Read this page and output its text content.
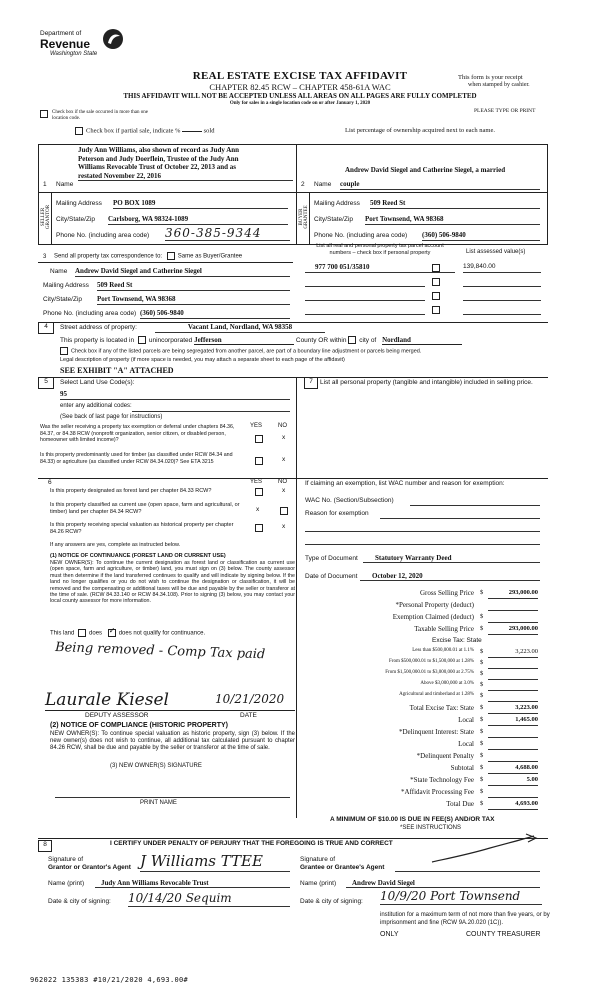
Department of
Revenue
Washington State
REAL ESTATE EXCISE TAX AFFIDAVIT
CHAPTER 82.45 RCW – CHAPTER 458-61A WAC
THIS AFFIDAVIT WILL NOT BE ACCEPTED UNLESS ALL AREAS ON ALL PAGES ARE FULLY COMPLETED
Only for sales in a single location code on or after January 1, 2020
This form is your receipt
when stamped by cashier.
PLEASE TYPE OR PRINT
Check box if the sale occurred in more than one location code.
Check box if partial sale, indicate %	sold	List percentage of ownership acquired next to each name.
SELLER GRANTOR
1 Name
Judy Ann Williams, also shown of record as Judy Ann
Peterson and Judy Doerflein, Trustee of the Judy Ann
Williams Revocable Trust of October 22, 2013 and as
restated November 22, 2016
Mailing Address PO BOX 1089
City/State/Zip Carlsborg, WA 98324-1089
Phone No. (including area code) 360-385-9344
BUYER GRANTEE
2 Name
Andrew David Siegel and Catherine Siegel, a married
couple
Mailing Address 509 Reed St
City/State/Zip Port Townsend, WA 98368
Phone No. (including area code) (360) 506-9840
3 Send all property tax correspondence to:	Same as Buyer/Grantee
Name Andrew David Siegel and Catherine Siegel
Mailing Address 509 Reed St
City/State/Zip Port Townsend, WA 98368
Phone No. (including area code) (360) 506-9840
List all real and personal property tax parcel account
numbers – check box if personal property	List assessed value(s)
977 700 051/35810	139,840.00
4	Street address of property:	Vacant Land, Nordland, WA 98358
This property is located in unincorporated Jefferson	County OR within city of Nordland
Check box if any of the listed parcels are being segregated from another parcel, are part of a boundary line adjustment or parcels being merged.
Legal description of property (if more space is needed, you may attach a separate sheet to each page of the affidavit)
SEE EXHIBIT "A" ATTACHED
5	Select Land Use Code(s):
95
enter any additional codes:
(See back of last page for instructions)
YES	NO
Was the seller receiving a property tax exemption or deferral under chapters 84.36, 84.37, or 84.38 RCW (nonprofit organization, senior citizen, or disabled person, homeowner with limited income)?	x
Is this property predominantly used for timber (as classified under RCW 84.34 and 84.33) or agriculture (as classified under RCW 84.34.020)? See ETA 3215	x
7	List all personal property (tangible and intangible) included in selling price.
6	YES	NO
Is this property designated as forest land per chapter 84.33 RCW?	x
Is this property classified as current use (open space, farm and agricultural, or timber) land per chapter 84.34 RCW?	x
Is this property receiving special valuation as historical property per chapter 84.26 RCW?
x
If any answers are yes, complete as instructed below.
(1) NOTICE OF CONTINUANCE (FOREST LAND OR CURRENT USE)
NEW OWNER(S): To continue the current designation as forest land or classification as current use (open space, farm and agriculture, or timber) land, you must sign on (3) below. The county assessor must then determine if the land transferred continues to qualify and will indicate by signing below. If the land no longer qualifies or you do not wish to continue the designation or classification, it will be removed and the compensating or additional taxes will be due and payable by the seller or transferor at the time of sale. (RCW 84.33.140 or RCW 84.34.108). Prior to signing (3) below, you may contact your local county assessor for more information.
This land does ✓ does not qualify for continuance.
Being removed - Comp Tax paid
Laurale Kiesel	10/21/2020
DEPUTY ASSESSOR	DATE
(2) NOTICE OF COMPLIANCE (HISTORIC PROPERTY)
NEW OWNER(S): To continue special valuation as historic property, sign (3) below. If the new owner(s) does not wish to continue, all additional tax calculated pursuant to chapter 84.26 RCW, shall be due and payable by the seller or transferor at the time of sale.
(3) NEW OWNER(S) SIGNATURE
PRINT NAME
If claiming an exemption, list WAC number and reason for exemption:
WAC No. (Section/Subsection)
Reason for exemption
Type of Document	Statutory Warranty Deed
Date of Document	October 12, 2020
Gross Selling Price $	293,000.00
*Personal Property (deduct)
Exemption Claimed (deduct) $
Taxable Selling Price $	293,000.00
Excise Tax: State
Less than $500,000.01 at 1.1% $	3,223.00
From $500,000.01 to $1,500,000 at 1.28% $
From $1,500,000.01 to $3,000,000 at 2.75% $
Above $3,000,000 at 3.0% $
Agricultural and timberland at 1.28% $
Total Excise Tax: State $	3,223.00
Local $	1,465.00
*Delinquent Interest: State $
Local $
*Delinquent Penalty $
Subtotal $	4,688.00
*State Technology Fee $	5.00
*Affidavit Processing Fee $
Total Due $	4,693.00
A MINIMUM OF $10.00 IS DUE IN FEE(S) AND/OR TAX
*SEE INSTRUCTIONS
8	I CERTIFY UNDER PENALTY OF PERJURY THAT THE FOREGOING IS TRUE AND CORRECT
Signature of
Grantor or Grantor's Agent J Williams TTEE
Name (print)	Judy Ann Williams Revocable Trust
Date & city of signing: 10/14/20 Sequim
Signature of
Grantee or Grantee's Agent
Name (print)	Andrew David Siegel
Date & city of signing: 10/9/20 Port Townsend
institution for a maximum term of not more than five years, or by
imprisonment and fine (RCW 9A.20.020 (1C)).
ONLY	COUNTY TREASURER
962022 135383 #10/21/2020 4,693.00#
